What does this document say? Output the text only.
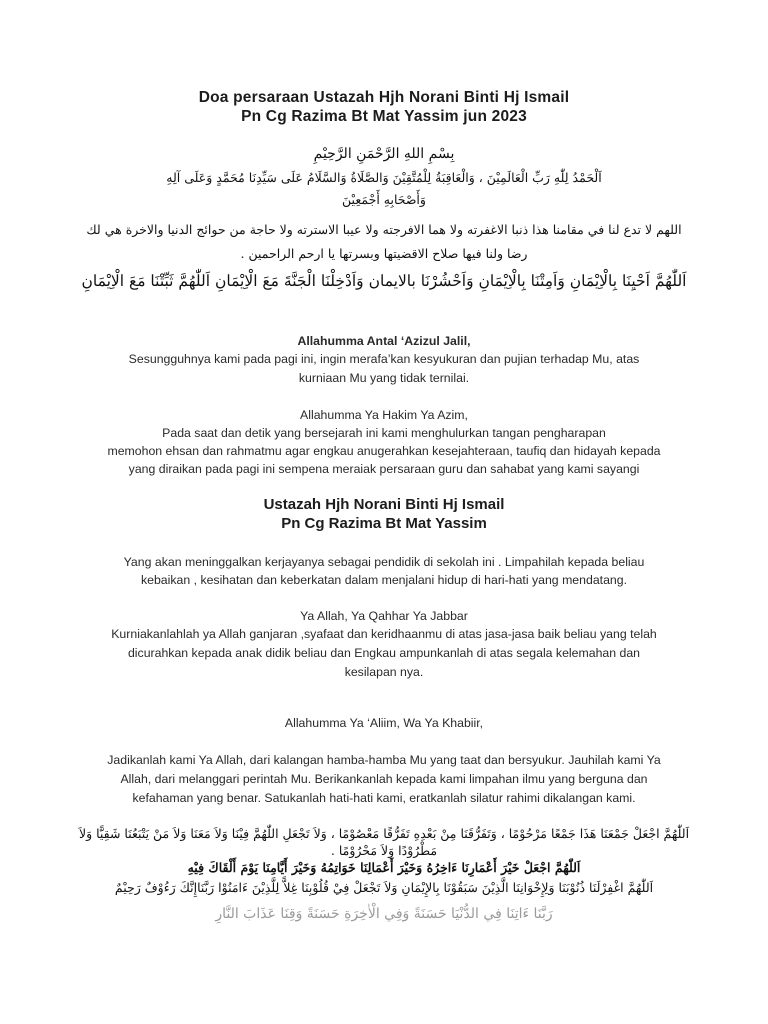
Doa persaraan Ustazah Hjh Norani Binti Hj Ismail
Pn Cg Razima Bt Mat Yassim jun 2023
بِسْمِ اللهِ الرَّحْمَنِ الرَّحِيْمِ
اَلْحَمْدُ لِلّٰهِ رَبِّ الْعَالَمِيْنَ ، وَالْعَاقِبَةُ لِلْمُتَّقِيْنَ وَالصَّلَاةُ وَالسَّلَامُ عَلَى سَيِّدِنَا مُحَمَّدٍ وَعَلَى آلِهِ
وَأَصْحَابِهِ أَجْمَعِيْنَ
اللهم لا تدع لنا في مقامنا هذا ذنبا الاغفرته ولا هما الافرجته ولا عيبا الاسترته ولا حاجة من حوائج الدنيا والاخرة هي لك
رضا ولنا فيها صلاح الاقضيتها وبسرتها يا ارحم الراحمين .
اَللّٰهُمَّ اَحْيِنَا بِالْاِيْمَانِ وَاَمِتْنَا بِالْاِيْمَانِ وَاَحْشُرْنَا بالايمان وَاَدْخِلْنَا الْجَنَّةَ مَعَ الْاِيْمَانِ اَللّٰهُمَّ ثَبِّتْنَا مَعَ الْاِيْمَانِ
Allahumma Antal ‘Azizul Jalil,
Sesungguhnya kami pada pagi ini, ingin merafa’kan kesyukuran dan pujian terhadap Mu, atas
kurniaan Mu yang tidak ternilai.
Allahumma Ya Hakim Ya Azim,
Pada saat dan detik yang bersejarah ini kami menghulurkan tangan pengharapan
memohon ehsan dan rahmatmu agar engkau anugerahkan kesejahteraan, taufiq dan hidayah kepada
yang diraikan pada pagi ini sempena meraiak persaraan guru dan sahabat yang kami sayangi
Ustazah Hjh Norani Binti Hj Ismail
Pn Cg Razima Bt Mat Yassim
Yang akan meninggalkan kerjayanya sebagai pendidik di sekolah ini . Limpahilah kepada beliau
kebaikan , kesihatan dan keberkatan dalam menjalani hidup di hari-hati yang mendatang.
Ya Allah, Ya Qahhar Ya Jabbar
Kurniakanlahlah ya Allah ganjaran ,syafaat dan keridhaanmu di atas jasa-jasa baik beliau yang telah
dicurahkan kepada anak didik beliau dan Engkau ampunkanlah di atas segala kelemahan dan
kesilapan nya.
Allahumma Ya ‘Aliim, Wa Ya Khabiir,
Jadikanlah kami Ya Allah, dari kalangan hamba-hamba Mu yang taat dan bersyukur. Jauhilah kami Ya
Allah, dari melanggari perintah Mu. Berikankanlah kepada kami limpahan ilmu yang berguna dan
kefahaman yang benar. Satukanlah hati-hati kami, eratkanlah silatur rahimi dikalangan kami.
اَللّٰهُمَّ اجْعَلْ جَمْعَنَا هَذَا جَمْعًا مَرْحُوْمًا ، وَتَفَرُّقَنَا مِنْ بَعْدِهِ تَفَرُّقًا مَعْصُوْمًا ، وَلاَ تَجْعَلِ اللّٰهُمَّ فِيْنَا وَلاَ مَعَنَا وَلاَ مَنْ يَتْبَعُنَا شَقِيًّا وَلاَ
مَطْرُوْدًا وَلاَ مَحْرُوْمًا .
اَللّٰهُمَّ اجْعَلْ خَيْرَ أَعْمَارِنَا ءَاخِرُهُ وَخَيْرَ أَعْمَالِنَا خَوَاتِمُهُ وَخَيْرَ أَيَّامِنَا يَوْمَ أَلْقَاكَ فِيْهِ
اَللّٰهُمَّ اغْفِرْلَنَا ذُنُوْبَنَا وَلِإِخْوَانِنَا الَّذِيْنَ سَبَقُوْنَا بِالإِيْمَانِ وَلاَ تَجْعَلْ فِيْ قُلُوْبِنَا غِلاًّ لِلَّذِيْنَ ءَامَنُوْا رَبَّنَاإِنَّكَ رَءُوْفٌ رَحِيْمٌ
رَبَّنَا ءَاتِنَا فِي الدُّنْيَا حَسَنَةً وَفِي الْاٰخِرَةِ حَسَنَةً وَقِنَا عَذَابَ النَّارِ
